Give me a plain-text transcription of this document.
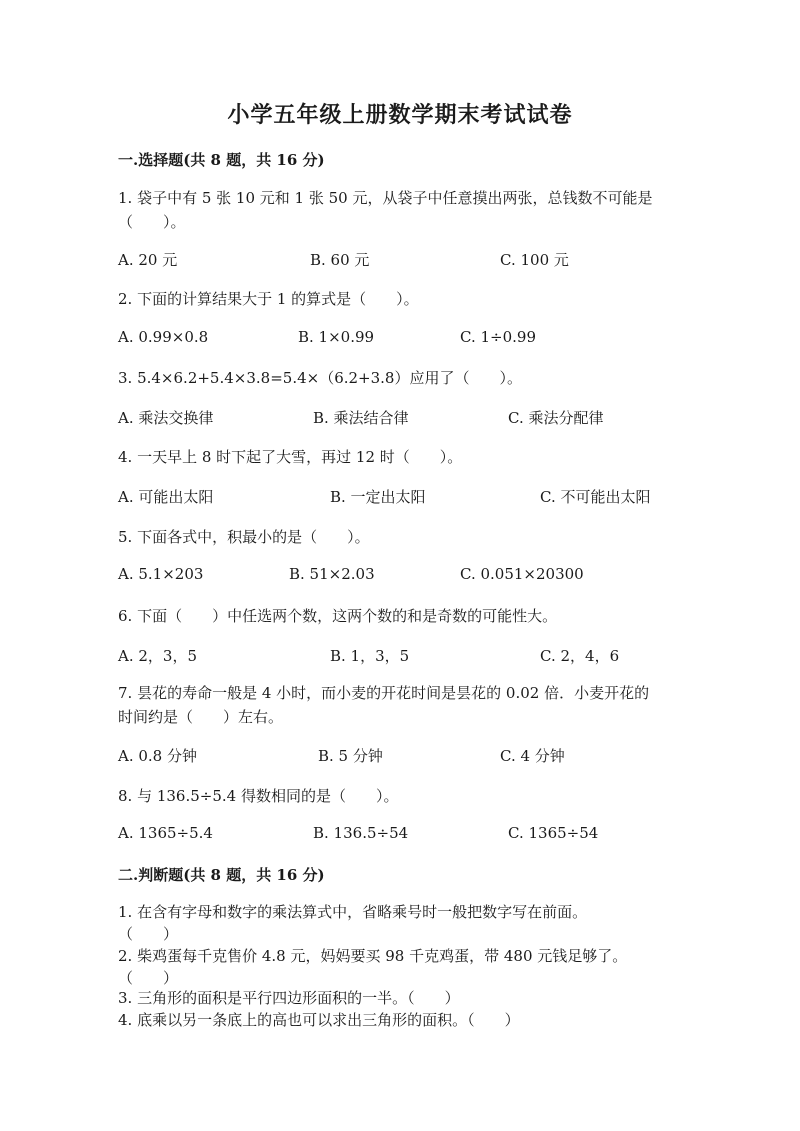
小学五年级上册数学期末考试试卷
一.选择题(共 8 题，共 16 分)
1. 袋子中有 5 张 10 元和 1 张 50 元，从袋子中任意摸出两张，总钱数不可能是
（　　）。
A. 20 元	B. 60 元	C. 100 元
2. 下面的计算结果大于 1 的算式是（　　）。
A. 0.99×0.8	B. 1×0.99	C. 1÷0.99
3. 5.4×6.2+5.4×3.8=5.4×（6.2+3.8）应用了（　　）。
A. 乘法交换律	B. 乘法结合律	C. 乘法分配律
4. 一天早上 8 时下起了大雪，再过 12 时（　　）。
A. 可能出太阳	B. 一定出太阳	C. 不可能出太阳
5. 下面各式中，积最小的是（　　）。
A. 5.1×203	B. 51×2.03	C. 0.051×20300
6. 下面（　　）中任选两个数，这两个数的和是奇数的可能性大。
A. 2，3，5	B. 1，3，5	C. 2，4，6
7. 昙花的寿命一般是 4 小时，而小麦的开花时间是昙花的 0.02 倍．小麦开花的
时间约是（　　）左右。
A. 0.8 分钟	B. 5 分钟	C. 4 分钟
8. 与 136.5÷5.4 得数相同的是（　　）。
A. 1365÷5.4	B. 136.5÷54	C. 1365÷54
二.判断题(共 8 题，共 16 分)
1. 在含有字母和数字的乘法算式中，省略乘号时一般把数字写在前面。
（　　）
2. 柴鸡蛋每千克售价 4.8 元，妈妈要买 98 千克鸡蛋，带 480 元钱足够了。
（　　）
3. 三角形的面积是平行四边形面积的一半。（　　）
4. 底乘以另一条底上的高也可以求出三角形的面积。（　　）
